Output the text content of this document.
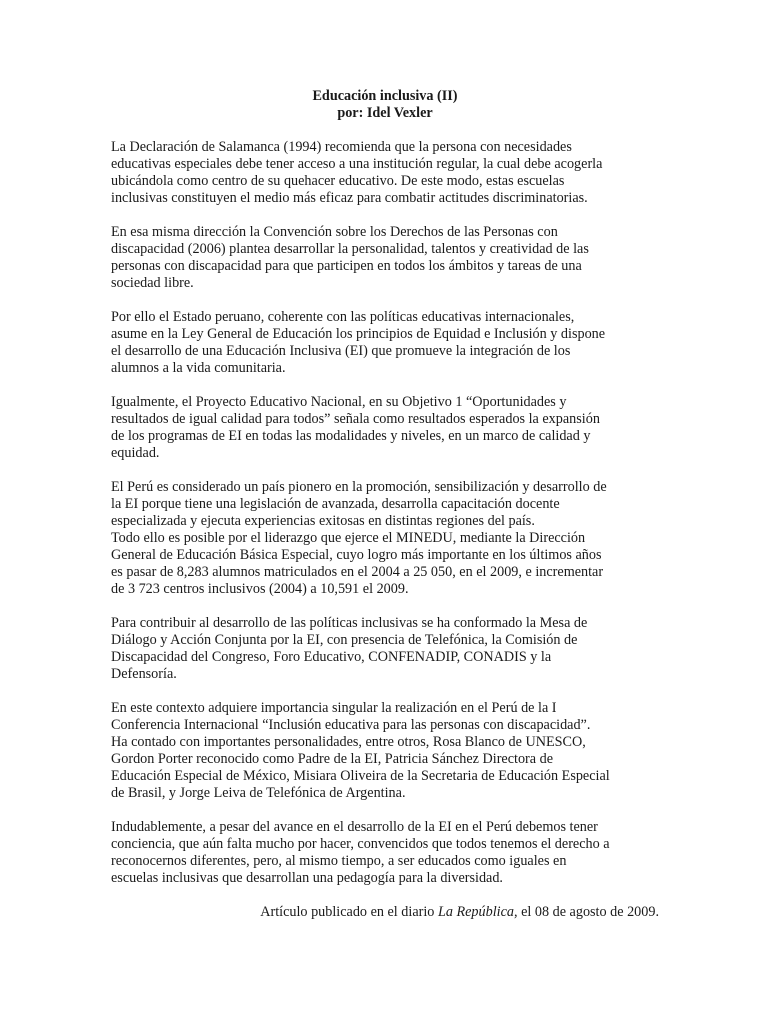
Educación inclusiva (II)
por: Idel Vexler
La Declaración de Salamanca (1994) recomienda que la persona con necesidades
educativas especiales debe tener acceso a una institución regular, la cual debe acogerla
ubicándola como centro de su quehacer educativo. De este modo, estas escuelas
inclusivas constituyen el medio más eficaz para combatir actitudes discriminatorias.
En esa misma dirección la Convención sobre los Derechos de las Personas con
discapacidad (2006) plantea desarrollar la personalidad, talentos y creatividad de las
personas con discapacidad para que participen en todos los ámbitos y tareas de una
sociedad libre.
Por ello el Estado peruano, coherente con las políticas educativas internacionales,
asume en la Ley General de Educación los principios de Equidad e Inclusión y dispone
el desarrollo de una Educación Inclusiva (EI) que promueve la integración de los
alumnos a la vida comunitaria.
Igualmente, el Proyecto Educativo Nacional, en su Objetivo 1 “Oportunidades y
resultados de igual calidad para todos” señala como resultados esperados la expansión
de los programas de EI en todas las modalidades y niveles, en un marco de calidad y
equidad.
El Perú es considerado un país pionero en la promoción, sensibilización y desarrollo de
la EI porque tiene una legislación de avanzada, desarrolla capacitación docente
especializada y ejecuta experiencias exitosas en distintas regiones del país.
Todo ello es posible por el liderazgo que ejerce el MINEDU, mediante la Dirección
General de Educación Básica Especial, cuyo logro más importante en los últimos años
es pasar de 8,283 alumnos matriculados en el 2004 a 25 050, en el 2009, e incrementar
de 3 723 centros inclusivos (2004) a 10,591 el 2009.
Para contribuir al desarrollo de las políticas inclusivas se ha conformado la Mesa de
Diálogo y Acción Conjunta por la EI, con presencia de Telefónica, la Comisión de
Discapacidad del Congreso, Foro Educativo, CONFENADIP, CONADIS y la
Defensoría.
En este contexto adquiere importancia singular la realización en el Perú de la I
Conferencia Internacional “Inclusión educativa para las personas con discapacidad”.
Ha contado con importantes personalidades, entre otros, Rosa Blanco de UNESCO,
Gordon Porter reconocido como Padre de la EI, Patricia Sánchez Directora de
Educación Especial de México, Misiara Oliveira de la Secretaria de Educación Especial
de Brasil, y Jorge Leiva de Telefónica de Argentina.
Indudablemente, a pesar del avance en el desarrollo de la EI en el Perú debemos tener
conciencia, que aún falta mucho por hacer, convencidos que todos tenemos el derecho a
reconocernos diferentes, pero, al mismo tiempo, a ser educados como iguales en
escuelas inclusivas que desarrollan una pedagogía para la diversidad.
Artículo publicado en el diario La República, el 08 de agosto de 2009.
